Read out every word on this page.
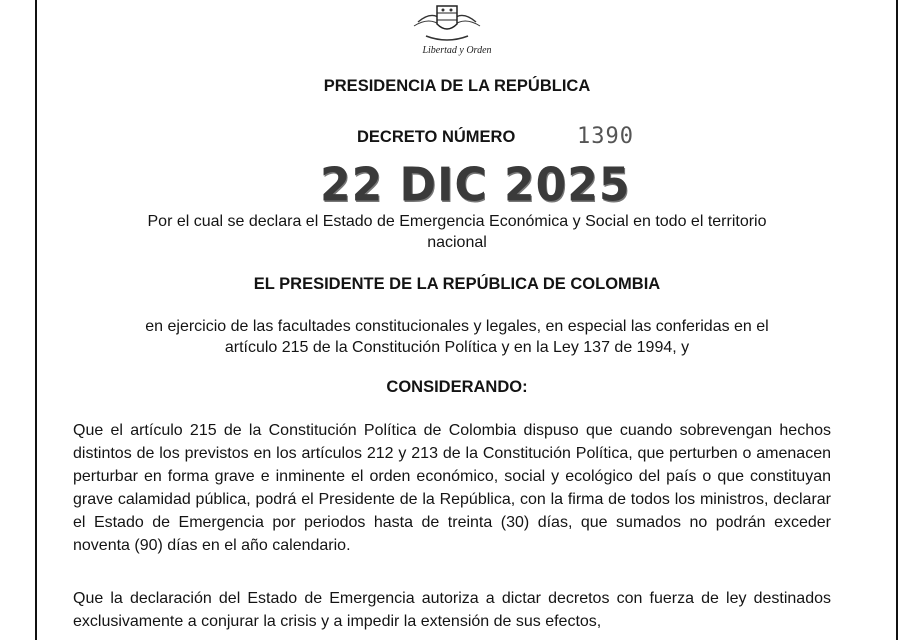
Libertad y Orden
PRESIDENCIA DE LA REPÚBLICA
DECRETO NÚMERO	1390
22 DIC 2025
Por el cual se declara el Estado de Emergencia Económica y Social en todo el territorio
nacional
EL PRESIDENTE DE LA REPÚBLICA DE COLOMBIA
en ejercicio de las facultades constitucionales y legales, en especial las conferidas en el
artículo 215 de la Constitución Política y en la Ley 137 de 1994, y
CONSIDERANDO:
Que el artículo 215 de la Constitución Política de Colombia dispuso que cuando sobrevengan hechos distintos de los previstos en los artículos 212 y 213 de la Constitución Política, que perturben o amenacen perturbar en forma grave e inminente el orden económico, social y ecológico del país o que constituyan grave calamidad pública, podrá el Presidente de la República, con la firma de todos los ministros, declarar el Estado de Emergencia por periodos hasta de treinta (30) días, que sumados no podrán exceder noventa (90) días en el año calendario.
Que la declaración del Estado de Emergencia autoriza a dictar decretos con fuerza de ley destinados exclusivamente a conjurar la crisis y a impedir la extensión de sus efectos,
